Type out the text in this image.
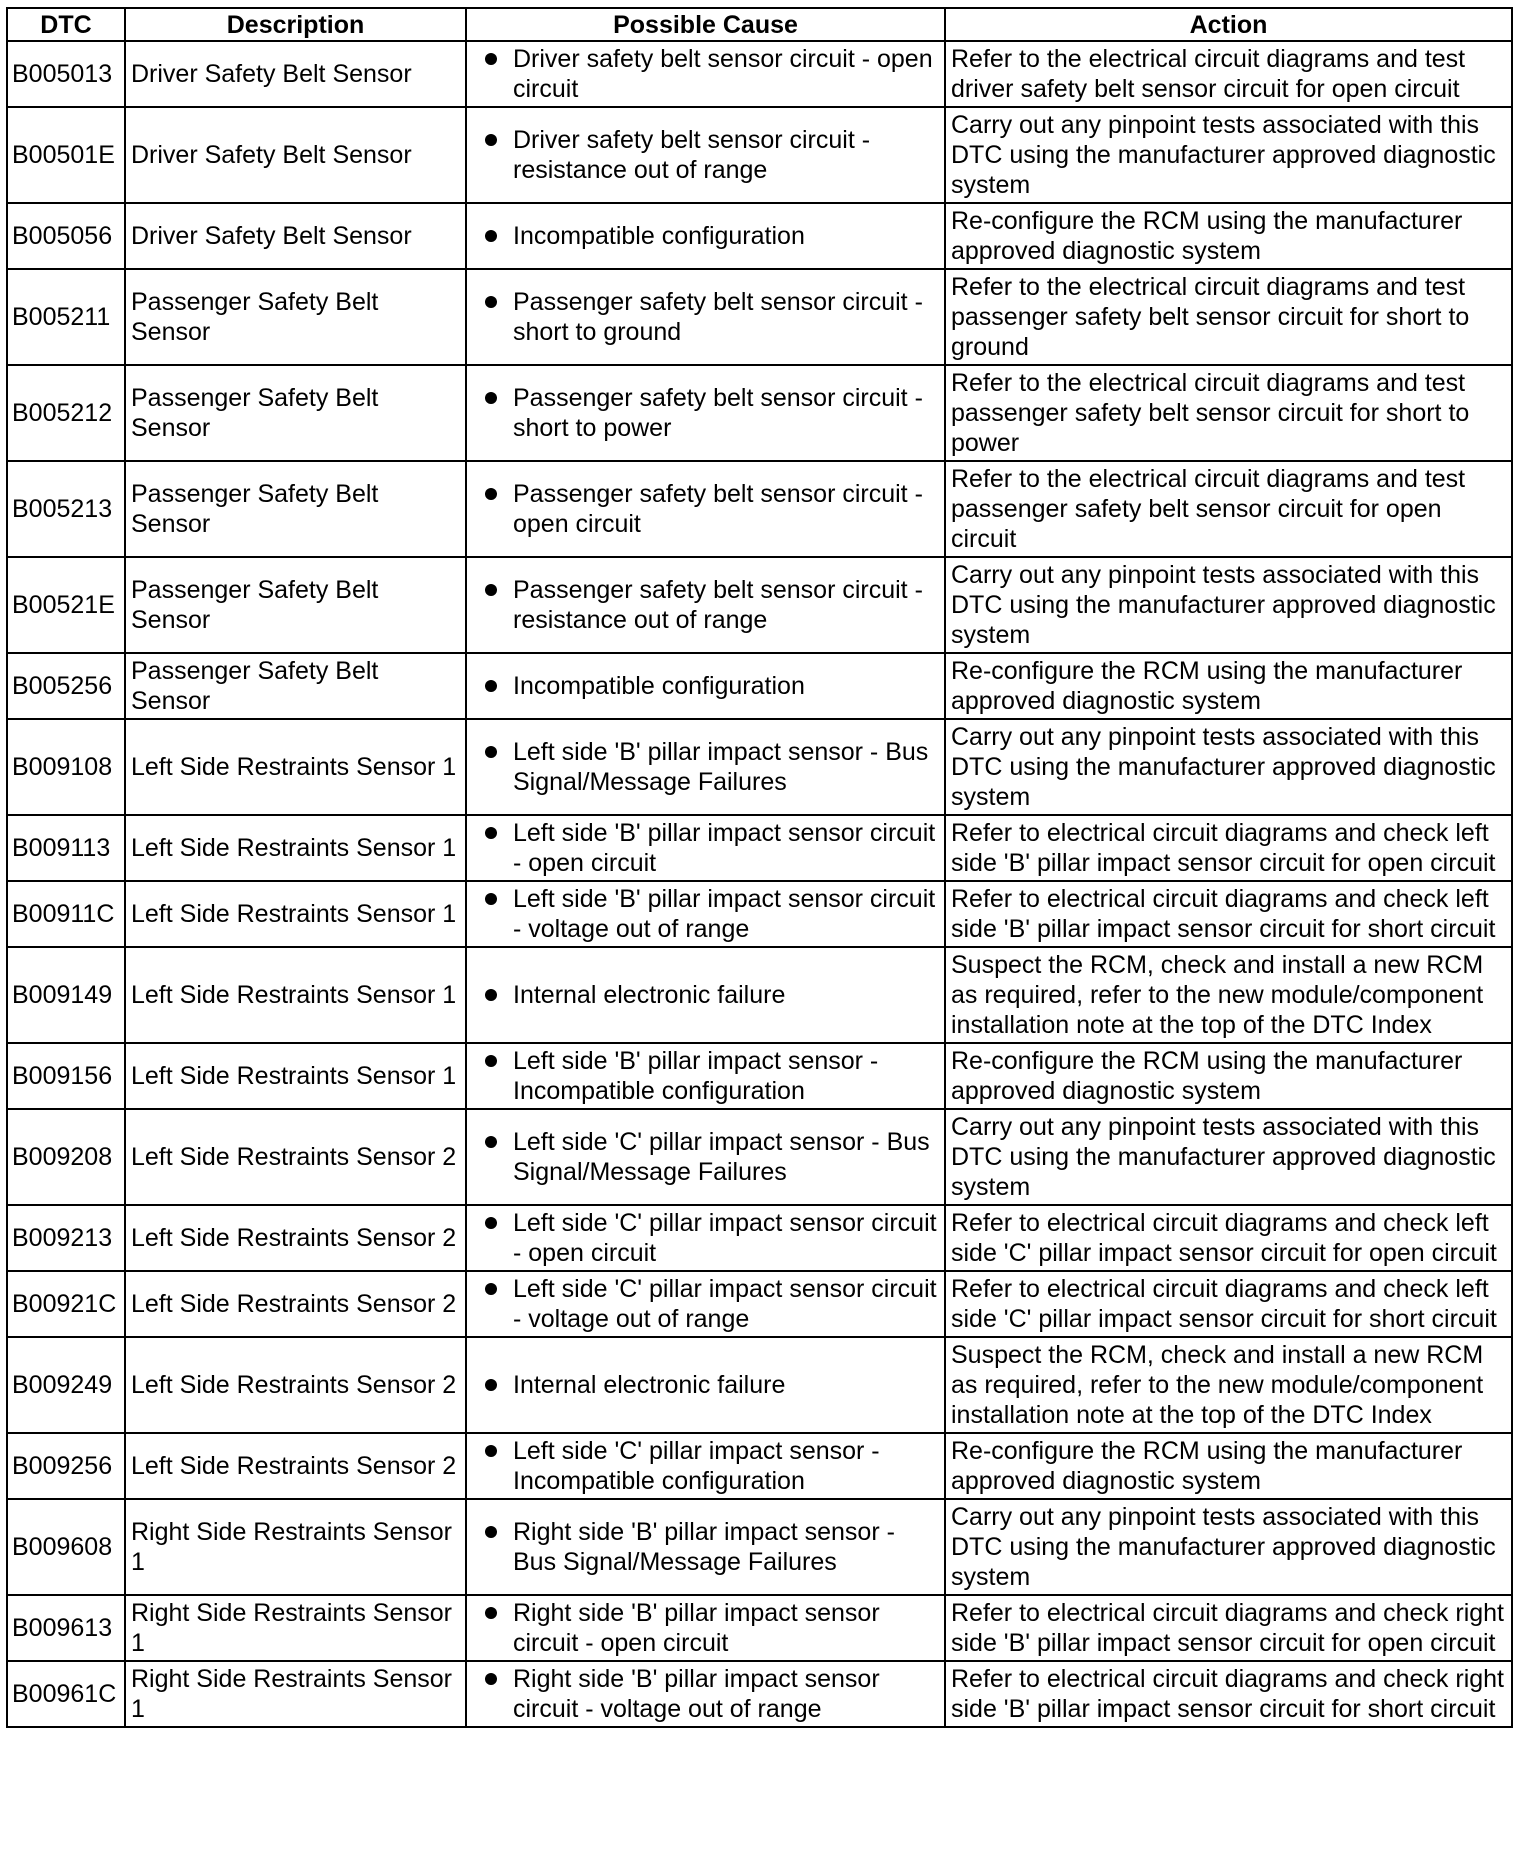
DTC	Description	Possible Cause	Action
B005013	Driver Safety Belt Sensor	Driver safety belt sensor circuit - open circuit	Refer to the electrical circuit diagrams and test driver safety belt sensor circuit for open circuit
B00501E	Driver Safety Belt Sensor	Driver safety belt sensor circuit - resistance out of range	Carry out any pinpoint tests associated with this DTC using the manufacturer approved diagnostic system
B005056	Driver Safety Belt Sensor	Incompatible configuration	Re-configure the RCM using the manufacturer approved diagnostic system
B005211	Passenger Safety Belt Sensor	Passenger safety belt sensor circuit - short to ground	Refer to the electrical circuit diagrams and test passenger safety belt sensor circuit for short to ground
B005212	Passenger Safety Belt Sensor	Passenger safety belt sensor circuit - short to power	Refer to the electrical circuit diagrams and test passenger safety belt sensor circuit for short to power
B005213	Passenger Safety Belt Sensor	Passenger safety belt sensor circuit - open circuit	Refer to the electrical circuit diagrams and test passenger safety belt sensor circuit for open circuit
B00521E	Passenger Safety Belt Sensor	Passenger safety belt sensor circuit - resistance out of range	Carry out any pinpoint tests associated with this DTC using the manufacturer approved diagnostic system
B005256	Passenger Safety Belt Sensor	Incompatible configuration	Re-configure the RCM using the manufacturer approved diagnostic system
B009108	Left Side Restraints Sensor 1	Left side 'B' pillar impact sensor - Bus Signal/Message Failures	Carry out any pinpoint tests associated with this DTC using the manufacturer approved diagnostic system
B009113	Left Side Restraints Sensor 1	Left side 'B' pillar impact sensor circuit - open circuit	Refer to electrical circuit diagrams and check left side 'B' pillar impact sensor circuit for open circuit
B00911C	Left Side Restraints Sensor 1	Left side 'B' pillar impact sensor circuit - voltage out of range	Refer to electrical circuit diagrams and check left side 'B' pillar impact sensor circuit for short circuit
B009149	Left Side Restraints Sensor 1	Internal electronic failure	Suspect the RCM, check and install a new RCM as required, refer to the new module/component installation note at the top of the DTC Index
B009156	Left Side Restraints Sensor 1	Left side 'B' pillar impact sensor - Incompatible configuration	Re-configure the RCM using the manufacturer approved diagnostic system
B009208	Left Side Restraints Sensor 2	Left side 'C' pillar impact sensor - Bus Signal/Message Failures	Carry out any pinpoint tests associated with this DTC using the manufacturer approved diagnostic system
B009213	Left Side Restraints Sensor 2	Left side 'C' pillar impact sensor circuit - open circuit	Refer to electrical circuit diagrams and check left side 'C' pillar impact sensor circuit for open circuit
B00921C	Left Side Restraints Sensor 2	Left side 'C' pillar impact sensor circuit - voltage out of range	Refer to electrical circuit diagrams and check left side 'C' pillar impact sensor circuit for short circuit
B009249	Left Side Restraints Sensor 2	Internal electronic failure	Suspect the RCM, check and install a new RCM as required, refer to the new module/component installation note at the top of the DTC Index
B009256	Left Side Restraints Sensor 2	Left side 'C' pillar impact sensor - Incompatible configuration	Re-configure the RCM using the manufacturer approved diagnostic system
B009608	Right Side Restraints Sensor 1	Right side 'B' pillar impact sensor - Bus Signal/Message Failures	Carry out any pinpoint tests associated with this DTC using the manufacturer approved diagnostic system
B009613	Right Side Restraints Sensor 1	Right side 'B' pillar impact sensor circuit - open circuit	Refer to electrical circuit diagrams and check right side 'B' pillar impact sensor circuit for open circuit
B00961C	Right Side Restraints Sensor 1	Right side 'B' pillar impact sensor circuit - voltage out of range	Refer to electrical circuit diagrams and check right side 'B' pillar impact sensor circuit for short circuit
